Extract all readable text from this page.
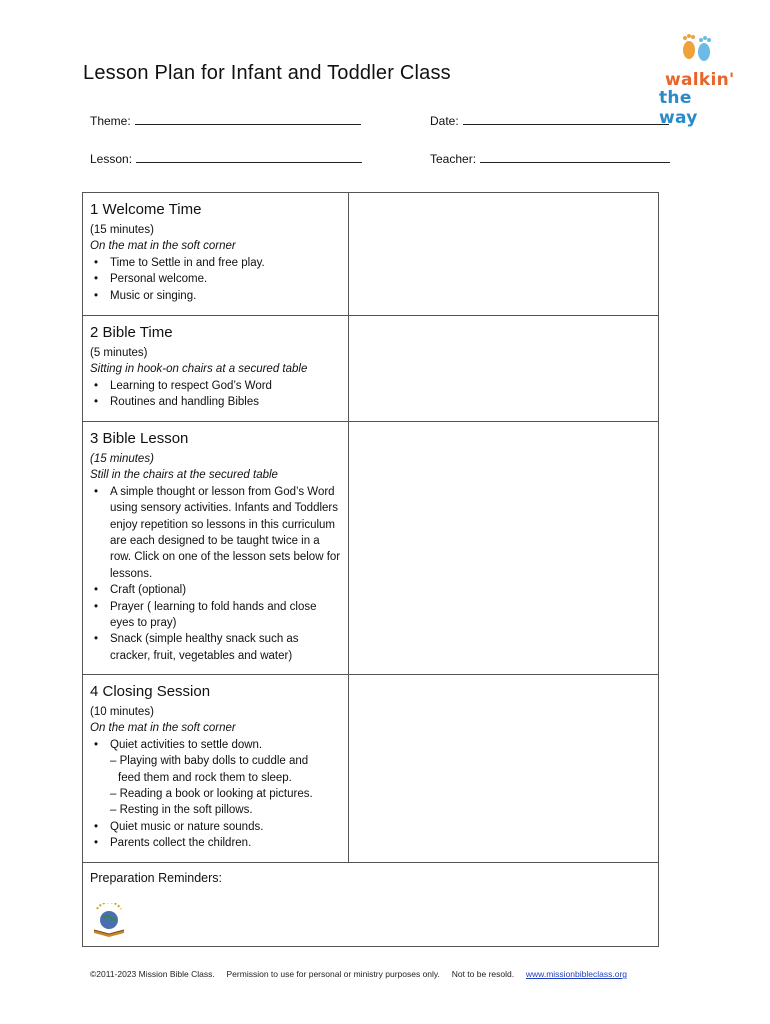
Lesson Plan for Infant and Toddler Class	walkin'
the way
Theme:	Date:
Lesson:	Teacher:
1 Welcome Time
(15 minutes)
On the mat in the soft corner
• Time to Settle in and free play.
• Personal welcome.
• Music or singing.
2 Bible Time
(5 minutes)
Sitting in hook-on chairs at a secured table
• Learning to respect God’s Word
• Routines and handling Bibles
3 Bible Lesson
(15 minutes)
Still in the chairs at the secured table
• A simple thought or lesson from God’s Word using sensory activities. Infants and Toddlers enjoy repetition so lessons in this curriculum are each designed to be taught twice in a row. Click on one of the lesson sets below for lessons.
• Craft (optional)
• Prayer ( learning to fold hands and close eyes to pray)
• Snack (simple healthy snack such as cracker, fruit, vegetables and water)
4 Closing Session
(10 minutes)
On the mat in the soft corner
• Quiet activities to settle down.
– Playing with baby dolls to cuddle and
feed them and rock them to sleep.
– Reading a book or looking at pictures.
– Resting in the soft pillows.
• Quiet music or nature sounds.
• Parents collect the children.
Preparation Reminders:
©2011-2023 Mission Bible Class. Permission to use for personal or ministry purposes only. Not to be resold. www.missionbibleclass.org
